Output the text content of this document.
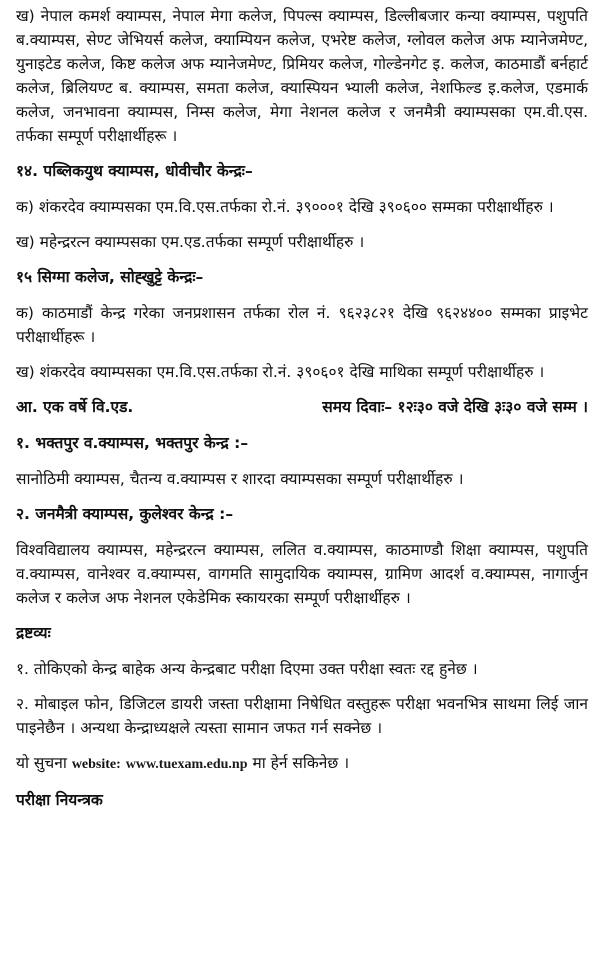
ख) नेपाल कमर्श क्याम्पस, नेपाल मेगा कलेज, पिपल्स क्याम्पस, डिल्लीबजार कन्या क्याम्पस, पशुपति ब.क्याम्पस, सेण्ट जेभियर्स कलेज, क्याम्पियन कलेज, एभरेष्ट कलेज, ग्लोवल कलेज अफ म्यानेजमेण्ट, युनाइटेड कलेज, किष्ट कलेज अफ म्यानेजमेण्ट, प्रिमियर कलेज, गोल्डेनगेट इ. कलेज, काठमाडौं बर्नहार्ट कलेज, ब्रिलियण्ट ब. क्याम्पस, समता कलेज, क्यास्पियन भ्याली कलेज, नेशफिल्ड इ.कलेज, एडमार्क कलेज, जनभावना क्याम्पस, निम्स कलेज, मेगा नेशनल कलेज र जनमैत्री क्याम्पसका एम.वी.एस. तर्फका सम्पूर्ण परीक्षार्थीहरू ।

१४. पब्लिकयुथ क्याम्पस, धोवीचौर केन्द्रः–

क) शंकरदेव क्याम्पसका एम.वि.एस.तर्फका रो.नं. ३९०००१ देखि ३९०६०० सम्मका परीक्षार्थीहरु ।

ख) महेन्द्ररत्न क्याम्पसका एम.एड.तर्फका सम्पूर्ण परीक्षार्थीहरु ।

१५ सिग्मा कलेज, सोह्खुट्टे केन्द्रः–

क) काठमाडौं केन्द्र गरेका जनप्रशासन तर्फका रोल नं. ९६२३८२१ देखि ९६२४४०० सम्मका प्राइभेट परीक्षार्थीहरू ।

ख) शंकरदेव क्याम्पसका एम.वि.एस.तर्फका रो.नं. ३९०६०१ देखि माथिका सम्पूर्ण परीक्षार्थीहरु ।

आ. एक वर्षे वि.एड.	समय दिवाः– १२ः३० वजे देखि ३ः३० वजे सम्म ।
१. भक्तपुर व.क्याम्पस, भक्तपुर केन्द्र :–

सानोठिमी क्याम्पस, चैतन्य व.क्याम्पस र शारदा क्याम्पसका सम्पूर्ण परीक्षार्थीहरु ।

२. जनमैत्री क्याम्पस, कुलेश्वर केन्द्र :–

विश्वविद्यालय क्याम्पस, महेन्द्ररत्न क्याम्पस, ललित व.क्याम्पस, काठमाण्डौ शिक्षा क्याम्पस, पशुपति व.क्याम्पस, वानेश्वर व.क्याम्पस, वागमति सामुदायिक क्याम्पस, ग्रामिण आदर्श व.क्याम्पस, नागार्जुन कलेज र कलेज अफ नेशनल एकेडेमिक स्कायरका सम्पूर्ण परीक्षार्थीहरु ।

द्रष्टव्यः

१. तोकिएको केन्द्र बाहेक अन्य केन्द्रबाट परीक्षा दिएमा उक्त परीक्षा स्वतः रद्द हुनेछ ।

२. मोबाइल फोन, डिजिटल डायरी जस्ता परीक्षामा निषेधित वस्तुहरू परीक्षा भवनभित्र साथमा लिई जान पाइनेछैन । अन्यथा केन्द्राध्यक्षले त्यस्ता सामान जफत गर्न सक्नेछ ।

यो सुचना website: www.tuexam.edu.np मा हेर्न सकिनेछ ।

परीक्षा नियन्त्रक
